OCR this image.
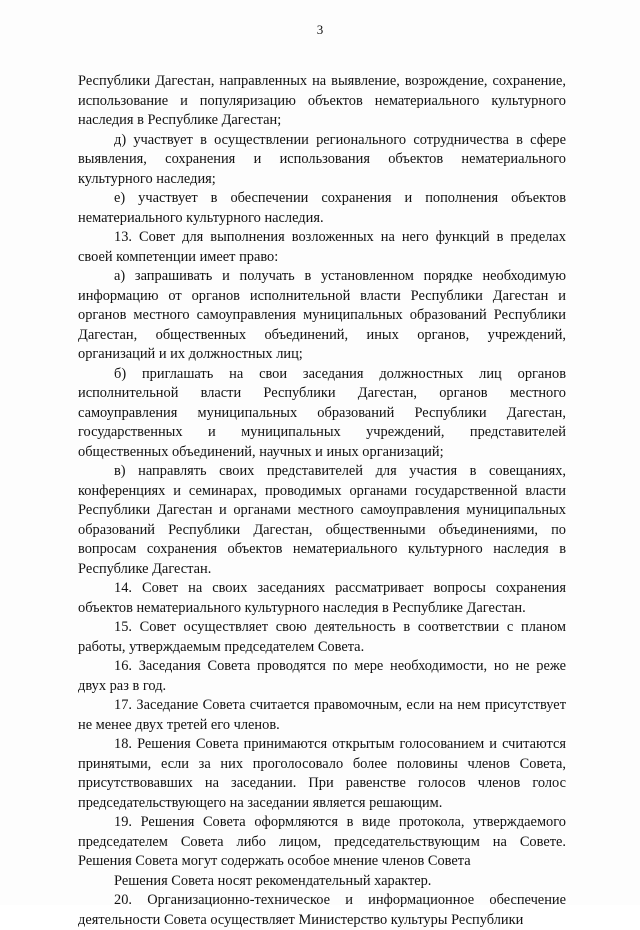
3

Республики Дагестан, направленных на выявление, возрождение, сохранение, использование и популяризацию объектов нематериального культурного наследия в Республике Дагестан;

д) участвует в осуществлении регионального сотрудничества в сфере выявления, сохранения и использования объектов нематериального культурного наследия;

е) участвует в обеспечении сохранения и пополнения объектов нематериального культурного наследия.

13. Совет для выполнения возложенных на него функций в пределах своей компетенции имеет право:

а) запрашивать и получать в установленном порядке необходимую информацию от органов исполнительной власти Республики Дагестан и органов местного самоуправления муниципальных образований Республики Дагестан, общественных объединений, иных органов, учреждений, организаций и их должностных лиц;

б) приглашать на свои заседания должностных лиц органов исполнительной власти Республики Дагестан, органов местного самоуправления муниципальных образований Республики Дагестан, государственных и муниципальных учреждений, представителей общественных объединений, научных и иных организаций;

в) направлять своих представителей для участия в совещаниях, конференциях и семинарах, проводимых органами государственной власти Республики Дагестан и органами местного самоуправления муниципальных образований Республики Дагестан, общественными объединениями, по вопросам сохранения объектов нематериального культурного наследия в Республике Дагестан.

14. Совет на своих заседаниях рассматривает вопросы сохранения объектов нематериального культурного наследия в Республике Дагестан.

15. Совет осуществляет свою деятельность в соответствии с планом работы, утверждаемым председателем Совета.

16. Заседания Совета проводятся по мере необходимости, но не реже двух раз в год.

17. Заседание Совета считается правомочным, если на нем присутствует не менее двух третей его членов.

18. Решения Совета принимаются открытым голосованием и считаются принятыми, если за них проголосовало более половины членов Совета, присутствовавших на заседании. При равенстве голосов членов голос председательствующего на заседании является решающим.

19. Решения Совета оформляются в виде протокола, утверждаемого председателем Совета либо лицом, председательствующим на Совете. Решения Совета могут содержать особое мнение членов Совета

Решения Совета носят рекомендательный характер.

20. Организационно-техническое и информационное обеспечение деятельности Совета осуществляет Министерство культуры Республики
